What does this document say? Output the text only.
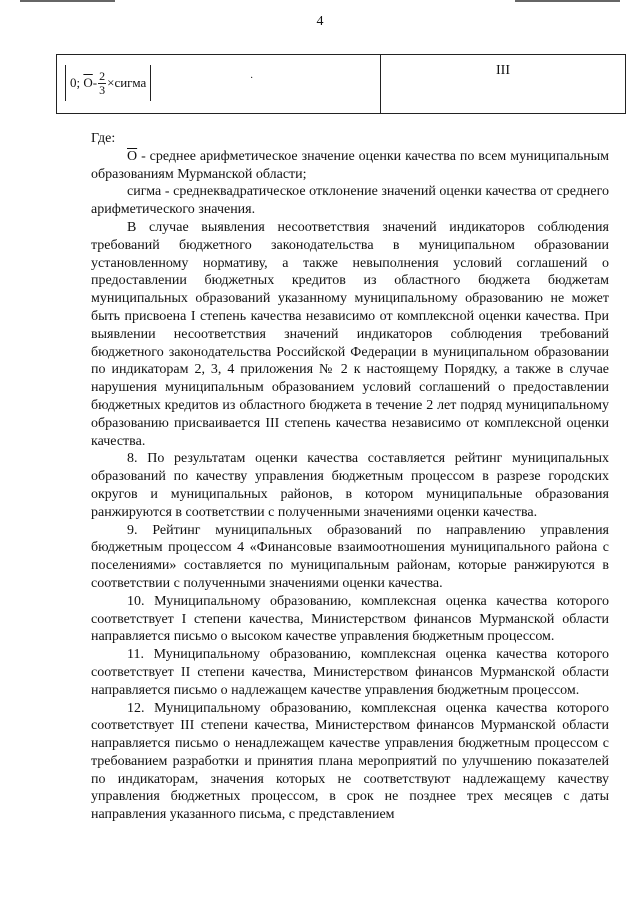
4
0;
$\overline{O} - \frac{2}{3}$ ×сигма	·
III

Где:

$\overline{O}$ - среднее арифметическое значение оценки качества по всем муниципальным образованиям Мурманской области;

сигма - среднеквадратическое отклонение значений оценки качества от среднего арифметического значения.

В случае выявления несоответствия значений индикаторов соблюдения требований бюджетного законодательства в муниципальном образовании установленному нормативу, а также невыполнения условий соглашений о предоставлении бюджетных кредитов из областного бюджета бюджетам муниципальных образований указанному муниципальному образованию не может быть присвоена I степень качества независимо от комплексной оценки качества. При выявлении несоответствия значений индикаторов соблюдения требований бюджетного законодательства Российской Федерации в муниципальном образовании по индикаторам 2, 3, 4 приложения № 2 к настоящему Порядку, а также в случае нарушения муниципальным образованием условий соглашений о предоставлении бюджетных кредитов из областного бюджета в течение 2 лет подряд муниципальному образованию присваивается III степень качества независимо от комплексной оценки качества.

8. По результатам оценки качества составляется рейтинг муниципальных образований по качеству управления бюджетным процессом в разрезе городских округов и муниципальных районов, в котором муниципальные образования ранжируются в соответствии с полученными значениями оценки качества.

9. Рейтинг муниципальных образований по направлению управления бюджетным процессом 4 «Финансовые взаимоотношения муниципального района с поселениями» составляется по муниципальным районам, которые ранжируются в соответствии с полученными значениями оценки качества.

10. Муниципальному образованию, комплексная оценка качества которого соответствует I степени качества, Министерством финансов Мурманской области направляется письмо о высоком качестве управления бюджетным процессом.

11. Муниципальному образованию, комплексная оценка качества которого соответствует II степени качества, Министерством финансов Мурманской области направляется письмо о надлежащем качестве управления бюджетным процессом.

12. Муниципальному образованию, комплексная оценка качества которого соответствует III степени качества, Министерством финансов Мурманской области направляется письмо о ненадлежащем качестве управления бюджетным процессом с требованием разработки и принятия плана мероприятий по улучшению показателей по индикаторам, значения которых не соответствуют надлежащему качеству управления бюджетных процессом, в срок не позднее трех месяцев с даты направления указанного письма, с представлением
